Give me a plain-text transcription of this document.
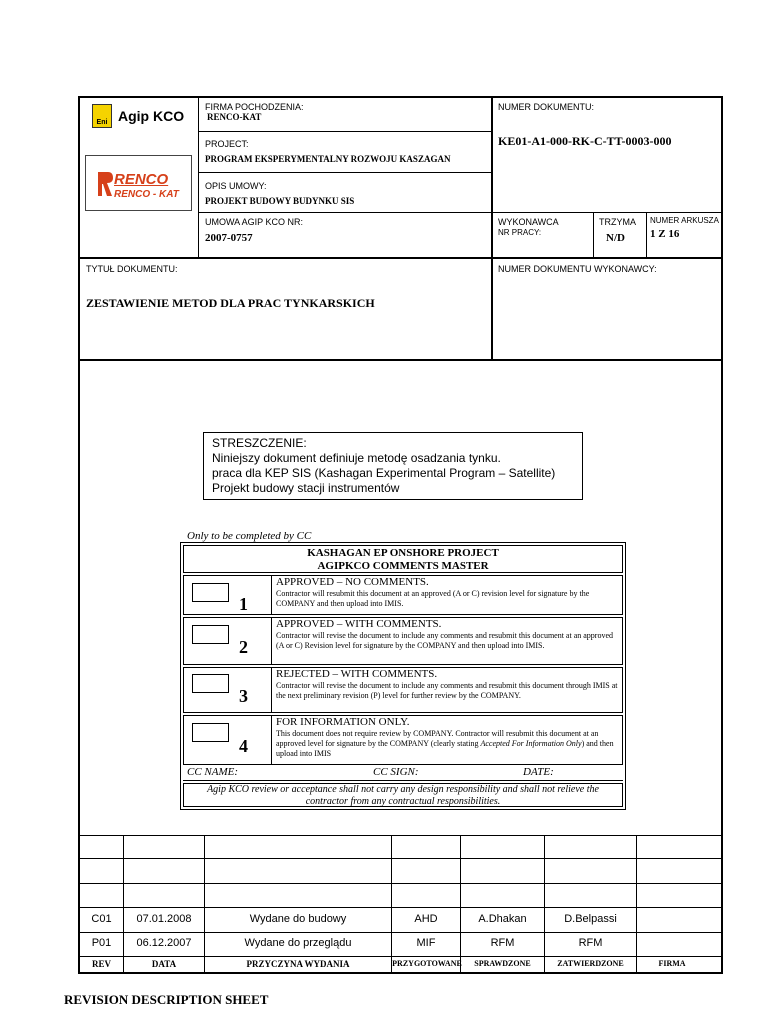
Eni Agip KCO
RENCO
RENCO - KAT
FIRMA POCHODZENIA:
RENCO-KAT
PROJECT:
PROGRAM EKSPERYMENTALNY ROZWOJU KASZAGAN
OPIS UMOWY:
PROJEKT BUDOWY BUDYNKU SIS
UMOWA AGIP KCO NR:
2007-0757
NUMER DOKUMENTU:
KE01-A1-000-RK-C-TT-0003-000
WYKONAWCA
NR PRACY:
TRZYMA
N/D
NUMER ARKUSZA
1 Z 16
TYTUŁ DOKUMENTU:
ZESTAWIENIE METOD DLA PRAC TYNKARSKICH
NUMER DOKUMENTU WYKONAWCY:
STRESZCZENIE:
Niniejszy dokument definiuje metodę osadzania tynku.
praca dla KEP SIS (Kashagan Experimental Program – Satellite)
Projekt budowy stacji instrumentów
Only to be completed by CC
KASHAGAN EP ONSHORE PROJECT
AGIPKCO COMMENTS MASTER
1
APPROVED – NO COMMENTS.
Contractor will resubmit this document at an approved (A or C) revision level for signature by the COMPANY and then upload into IMIS.
2
APPROVED – WITH COMMENTS.
Contractor will revise the document to include any comments and resubmit this document at an approved (A or C) Revision level for signature by the COMPANY and then upload into IMIS.
3
REJECTED – WITH COMMENTS.
Contractor will revise the document to include any comments and resubmit this document through IMIS at the next preliminary revision (P) level for further review by the COMPANY.
4
FOR INFORMATION ONLY.
This document does not require review by COMPANY. Contractor will resubmit this document at an approved level for signature by the COMPANY (clearly stating Accepted For Information Only) and then upload into IMIS
CC NAME:	CC SIGN:	DATE:
Agip KCO review or acceptance shall not carry any design responsibility and shall not relieve the contractor from any contractual responsibilities.
C01	07.01.2008	Wydane do budowy	AHD	A.Dhakan	D.Belpassi
P01	06.12.2007	Wydane do przeglądu	MIF	RFM	RFM
REV	DATA	PRZYCZYNA WYDANIA	PRZYGOTOWANE	SPRAWDZONE	ZATWIERDZONE	FIRMA
REVISION DESCRIPTION SHEET
